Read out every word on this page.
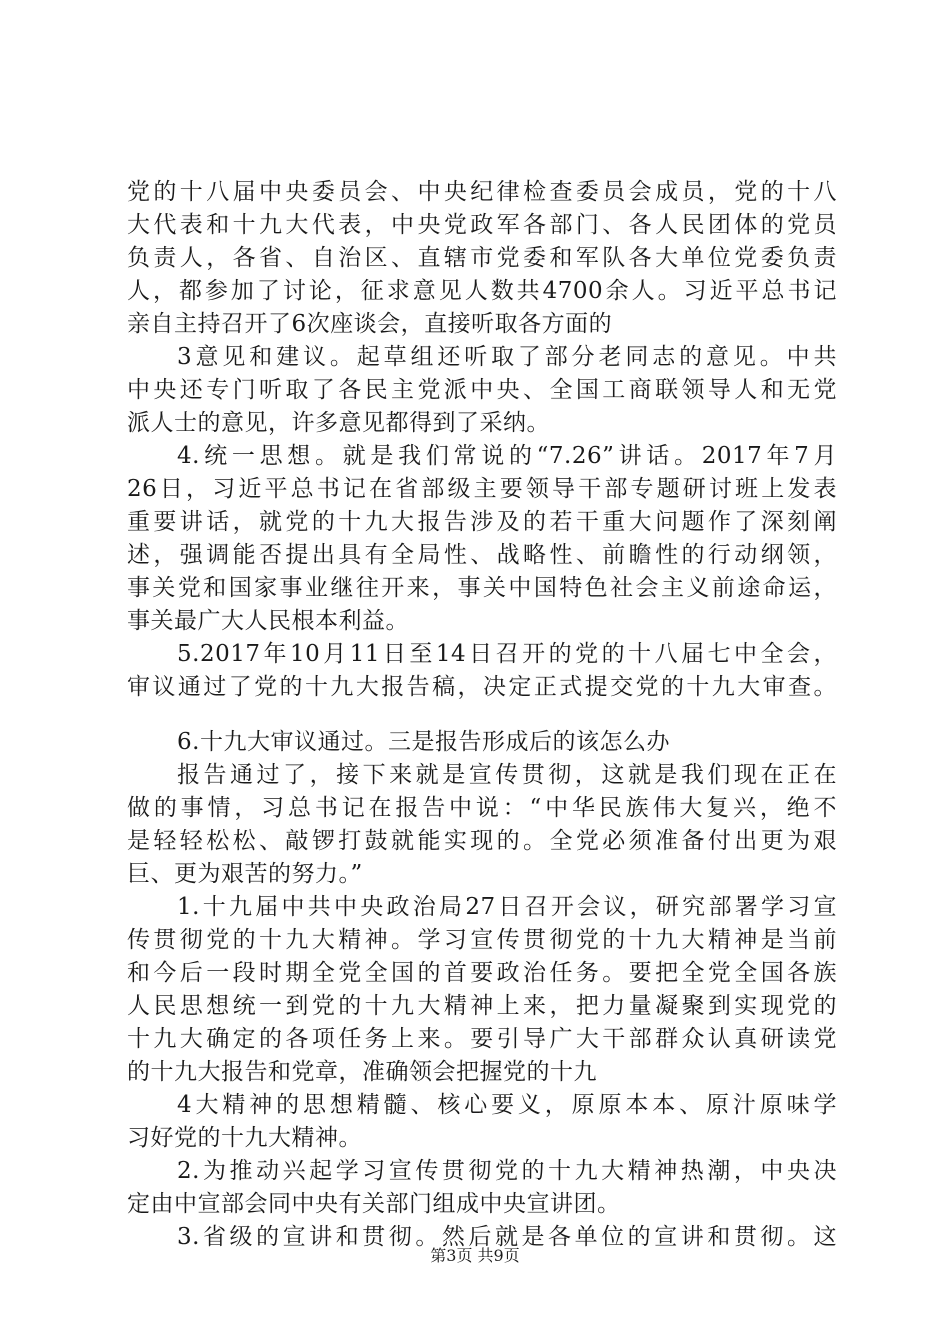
党的十八届中央委员会、中央纪律检查委员会成员，党的十八
大代表和十九大代表，中央党政军各部门、各人民团体的党员
负责人，各省、自治区、直辖市党委和军队各大单位党委负责
人，都参加了讨论，征求意见人数共4700余人。习近平总书记
亲自主持召开了6次座谈会，直接听取各方面的
3意见和建议。起草组还听取了部分老同志的意见。中共
中央还专门听取了各民主党派中央、全国工商联领导人和无党
派人士的意见，许多意见都得到了采纳。
4.统一思想。就是我们常说的“7.26”讲话。2017年7月
26日，习近平总书记在省部级主要领导干部专题研讨班上发表
重要讲话，就党的十九大报告涉及的若干重大问题作了深刻阐
述，强调能否提出具有全局性、战略性、前瞻性的行动纲领，
事关党和国家事业继往开来，事关中国特色社会主义前途命运，
事关最广大人民根本利益。
5.2017年10月11日至14日召开的党的十八届七中全会，
审议通过了党的十九大报告稿，决定正式提交党的十九大审查。
6.十九大审议通过。三是报告形成后的该怎么办
报告通过了，接下来就是宣传贯彻，这就是我们现在正在
做的事情，习总书记在报告中说：“中华民族伟大复兴，绝不
是轻轻松松、敲锣打鼓就能实现的。全党必须准备付出更为艰
巨、更为艰苦的努力。”
1.十九届中共中央政治局27日召开会议，研究部署学习宣
传贯彻党的十九大精神。学习宣传贯彻党的十九大精神是当前
和今后一段时期全党全国的首要政治任务。要把全党全国各族
人民思想统一到党的十九大精神上来，把力量凝聚到实现党的
十九大确定的各项任务上来。要引导广大干部群众认真研读党
的十九大报告和党章，准确领会把握党的十九
4大精神的思想精髓、核心要义，原原本本、原汁原味学
习好党的十九大精神。
2.为推动兴起学习宣传贯彻党的十九大精神热潮，中央决
定由中宣部会同中央有关部门组成中央宣讲团。
3.省级的宣讲和贯彻。然后就是各单位的宣讲和贯彻。这
第3页 共9页
